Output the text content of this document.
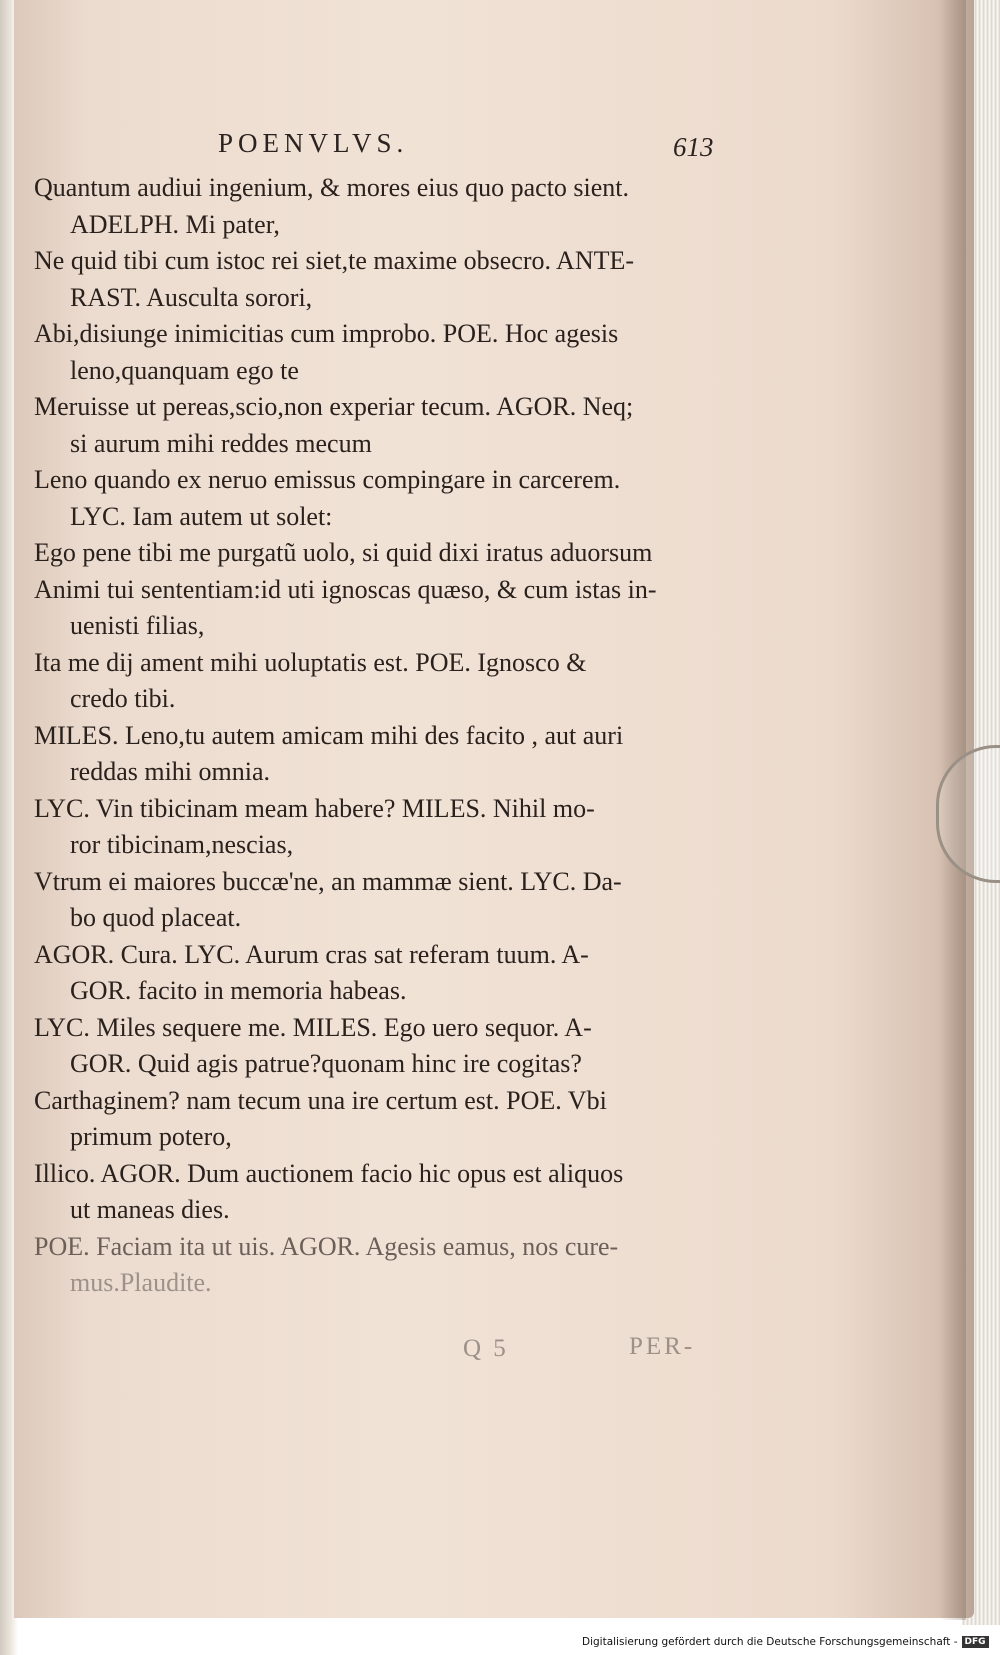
POENVLVS.	613
Quantum audiui ingenium, & mores eius quo pacto sient.
ADELPH. Mi pater,
Ne quid tibi cum istoc rei siet,te maxime obsecro. ANTE-
RAST. Ausculta sorori,
Abi,disiunge inimicitias cum improbo. POE. Hoc agesis
leno,quanquam ego te
Meruisse ut pereas,scio,non experiar tecum. AGOR. Neq;
si aurum mihi reddes mecum
Leno quando ex neruo emissus compingare in carcerem.
LYC. Iam autem ut solet:
Ego pene tibi me purgatũ uolo, si quid dixi iratus aduorsum
Animi tui sententiam:id uti ignoscas quæso, & cum istas in-
uenisti filias,
Ita me dij ament mihi uoluptatis est. POE. Ignosco &
credo tibi.
MILES. Leno,tu autem amicam mihi des facito , aut auri
reddas mihi omnia.
LYC. Vin tibicinam meam habere? MILES. Nihil mo-
ror tibicinam,nescias,
Vtrum ei maiores buccæ'ne, an mammæ sient. LYC. Da-
bo quod placeat.
AGOR. Cura. LYC. Aurum cras sat referam tuum. A-
GOR. facito in memoria habeas.
LYC. Miles sequere me. MILES. Ego uero sequor. A-
GOR. Quid agis patrue?quonam hinc ire cogitas?
Carthaginem? nam tecum una ire certum est. POE. Vbi
primum potero,
Illico. AGOR. Dum auctionem facio hic opus est aliquos
ut maneas dies.
POE. Faciam ita ut uis. AGOR. Agesis eamus, nos cure-
mus.Plaudite.
Q 5	PER-
Digitalisierung gefördert durch die Deutsche Forschungsgemeinschaft - DFG
